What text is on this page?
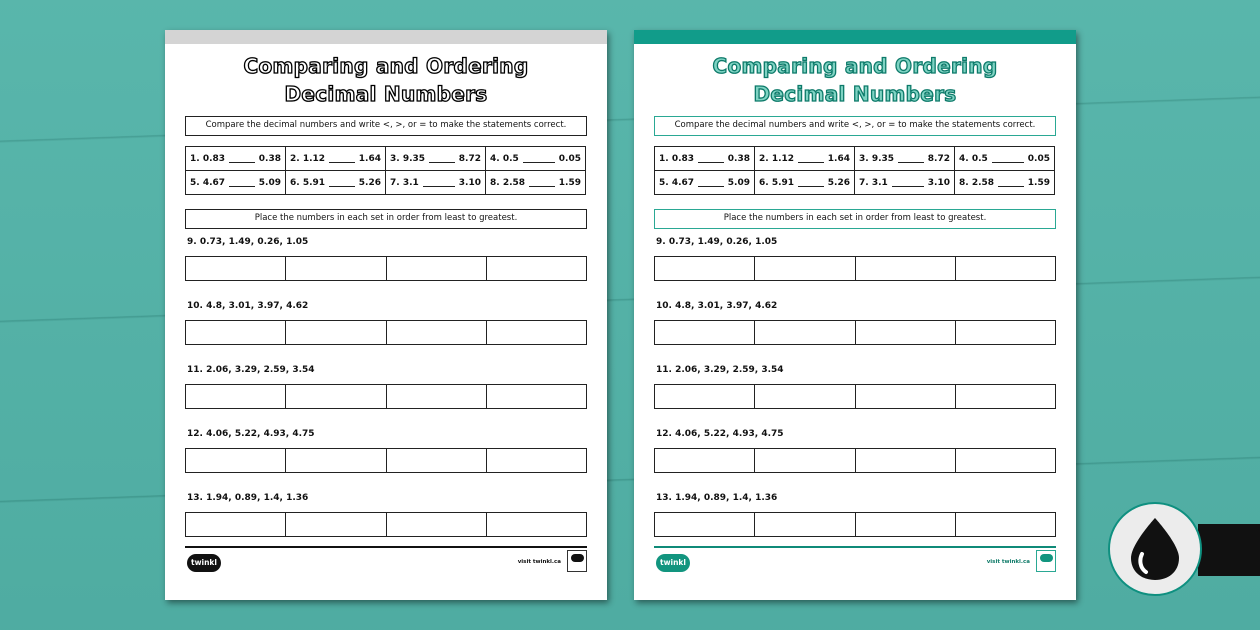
Comparing and Ordering
Decimal Numbers
Compare the decimal numbers and write <, >, or = to make the statements correct.
1. 0.83 0.38	2. 1.12 1.64	3. 9.35 8.72	4. 0.5 0.05

5. 4.67 5.09	6. 5.91 5.26	7. 3.1 3.10	8. 2.58 1.59
Place the numbers in each set in order from least to greatest.
9. 0.73, 1.49, 0.26, 1.05
10. 4.8, 3.01, 3.97, 4.62
11. 2.06, 3.29, 2.59, 3.54
12. 4.06, 5.22, 4.93, 4.75
13. 1.94, 0.89, 1.4, 1.36
twinkl	visit twinkl.ca
Comparing and Ordering
Decimal Numbers
Compare the decimal numbers and write <, >, or = to make the statements correct.
1. 0.83 0.38	2. 1.12 1.64	3. 9.35 8.72	4. 0.5 0.05

5. 4.67 5.09	6. 5.91 5.26	7. 3.1 3.10	8. 2.58 1.59
Place the numbers in each set in order from least to greatest.
9. 0.73, 1.49, 0.26, 1.05
10. 4.8, 3.01, 3.97, 4.62
11. 2.06, 3.29, 2.59, 3.54
12. 4.06, 5.22, 4.93, 4.75
13. 1.94, 0.89, 1.4, 1.36
twinkl	visit twinkl.ca
